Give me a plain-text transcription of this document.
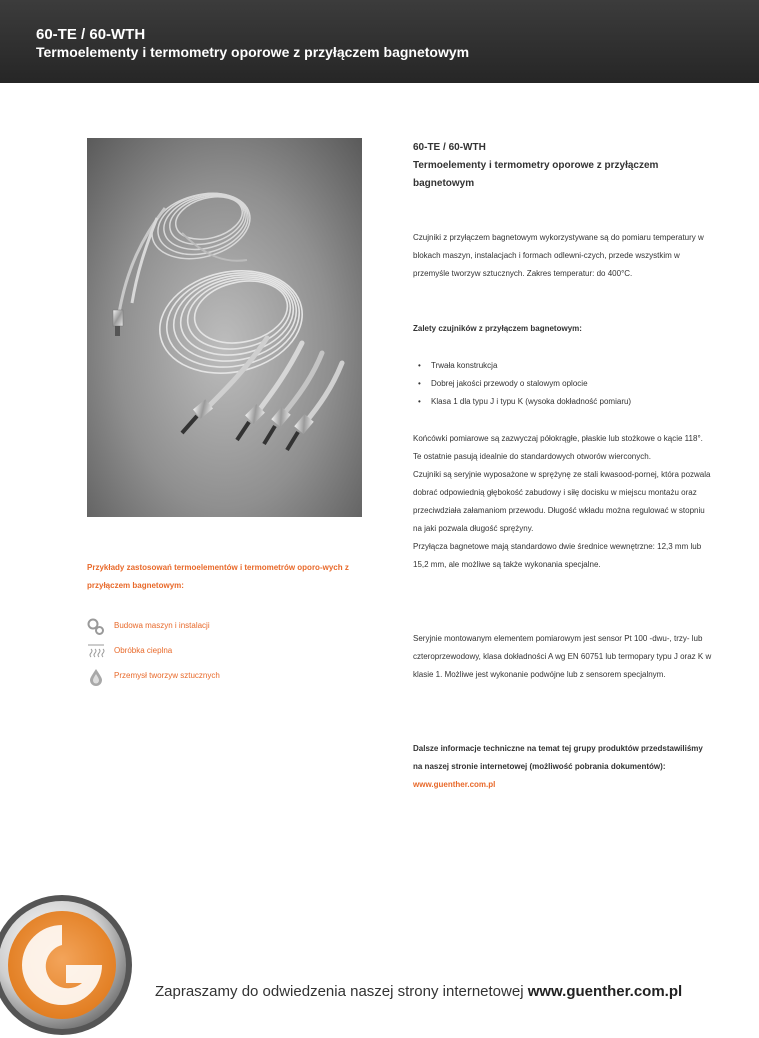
60-TE / 60-WTH
Termoelementy i termometry oporowe z przyłączem bagnetowym
Przykłady zastosowań termoelementów i termometrów oporo-wych z przyłączem bagnetowym:
Budowa maszyn i instalacji
Obróbka cieplna
Przemysł tworzyw sztucznych
60-TE / 60-WTH
Termoelementy i termometry oporowe z przyłączem bagnetowym
Czujniki z przyłączem bagnetowym wykorzystywane są do pomiaru temperatury w blokach maszyn, instalacjach i formach odlewni-czych, przede wszystkim w przemyśle tworzyw sztucznych. Zakres temperatur: do 400°C.
Zalety czujników z przyłączem bagnetowym:
• Trwała konstrukcja
• Dobrej jakości przewody o stalowym oplocie
• Klasa 1 dla typu J i typu K (wysoka dokładność pomiaru)
Końcówki pomiarowe są zazwyczaj półokrągłe, płaskie lub stożkowe o kącie 118°. Te ostatnie pasują idealnie do standardowych otworów wierconych.
Czujniki są seryjnie wyposażone w sprężynę ze stali kwasood-pornej, która pozwala dobrać odpowiednią głębokość zabudowy i siłę docisku w miejscu montażu oraz przeciwdziała załamaniom przewodu. Długość wkładu można regulować w stopniu na jaki pozwala długość sprężyny.
Przyłącza bagnetowe mają standardowo dwie średnice wewnętrzne: 12,3 mm lub 15,2 mm, ale możliwe są także wykonania specjalne.
Seryjnie montowanym elementem pomiarowym jest sensor Pt 100 -dwu-, trzy- lub czteroprzewodowy, klasa dokładności A wg EN 60751 lub termopary typu J oraz K w klasie 1. Możliwe jest wykonanie podwójne lub z sensorem specjalnym.
Dalsze informacje techniczne na temat tej grupy produktów przedstawiliśmy na naszej stronie internetowej (możliwość pobrania dokumentów):
www.guenther.com.pl
Zapraszamy do odwiedzenia naszej strony internetowej www.guenther.com.pl
